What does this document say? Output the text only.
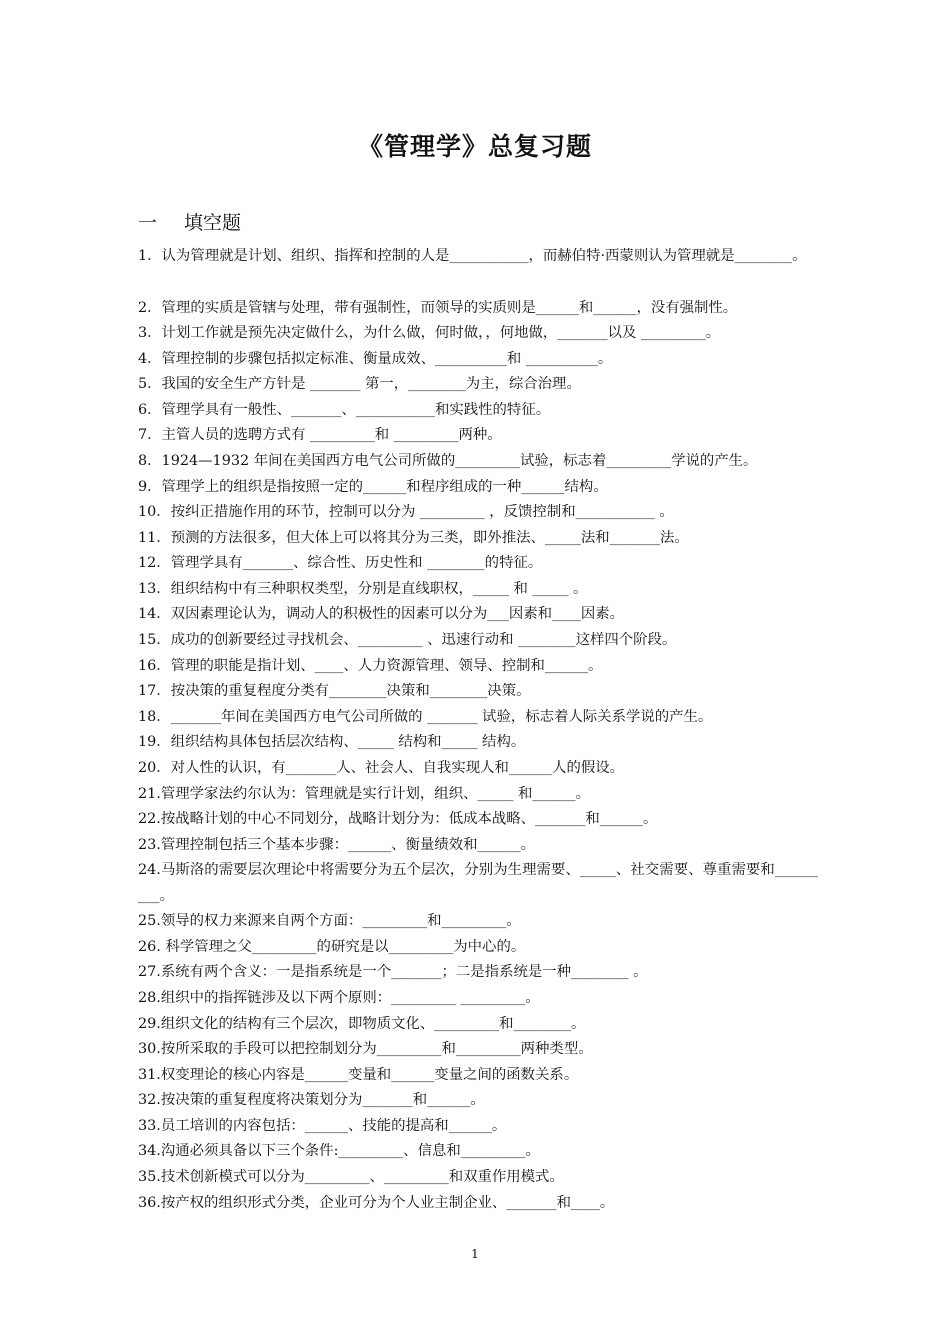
《管理学》总复习题
一 填空题
1．认为管理就是计划、组织、指挥和控制的人是___________，而赫伯特·西蒙则认为管理就是________。
2．管理的实质是管辖与处理，带有强制性，而领导的实质则是______和______，没有强制性。
3．计划工作就是预先决定做什么，为什么做，何时做，，何地做，_______以及 _________。
4．管理控制的步骤包括拟定标准、衡量成效、__________和 __________。
5．我国的安全生产方针是 _______ 第一，________为主，综合治理。
6．管理学具有一般性、_______、___________和实践性的特征。
7．主管人员的选聘方式有 _________和 _________两种。
8．1924—1932 年间在美国西方电气公司所做的_________试验，标志着_________学说的产生。
9．管理学上的组织是指按照一定的______和程序组成的一种______结构。
10．按纠正措施作用的环节，控制可以分为 _________ ，反馈控制和___________ 。
11．预测的方法很多，但大体上可以将其分为三类，即外推法、_____法和_______法。
12．管理学具有_______、综合性、历史性和 ________的特征。
13．组织结构中有三种职权类型，分别是直线职权，_____ 和 _____ 。
14．双因素理论认为，调动人的积极性的因素可以分为___因素和____因素。
15．成功的创新要经过寻找机会、_________ 、迅速行动和 ________这样四个阶段。
16．管理的职能是指计划、____、人力资源管理、领导、控制和______。
17．按决策的重复程度分类有________决策和________决策。
18．_______年间在美国西方电气公司所做的 _______ 试验，标志着人际关系学说的产生。
19．组织结构具体包括层次结构、_____ 结构和_____ 结构。
20．对人性的认识，有_______人、社会人、自我实现人和______人的假设。
21.管理学家法约尔认为：管理就是实行计划，组织、_____ 和______。
22.按战略计划的中心不同划分，战略计划分为：低成本战略、_______和______。
23.管理控制包括三个基本步骤：______、衡量绩效和______。
24.马斯洛的需要层次理论中将需要分为五个层次，分别为生理需要、_____、社交需要、尊重需要和_________。
25.领导的权力来源来自两个方面：_________和_________。
26. 科学管理之父_________的研究是以_________为中心的。
27.系统有两个含义：一是指系统是一个_______；二是指系统是一种________ 。
28.组织中的指挥链涉及以下两个原则：_________ _________。
29.组织文化的结构有三个层次，即物质文化、_________和________。
30.按所采取的手段可以把控制划分为_________和_________两种类型。
31.权变理论的核心内容是______变量和______变量之间的函数关系。
32.按决策的重复程度将决策划分为_______和______。
33.员工培训的内容包括：______、技能的提高和______。
34.沟通必须具备以下三个条件:_________、信息和_________。
35.技术创新模式可以分为_________、_________和双重作用模式。
36.按产权的组织形式分类，企业可分为个人业主制企业、_______和____。
1
